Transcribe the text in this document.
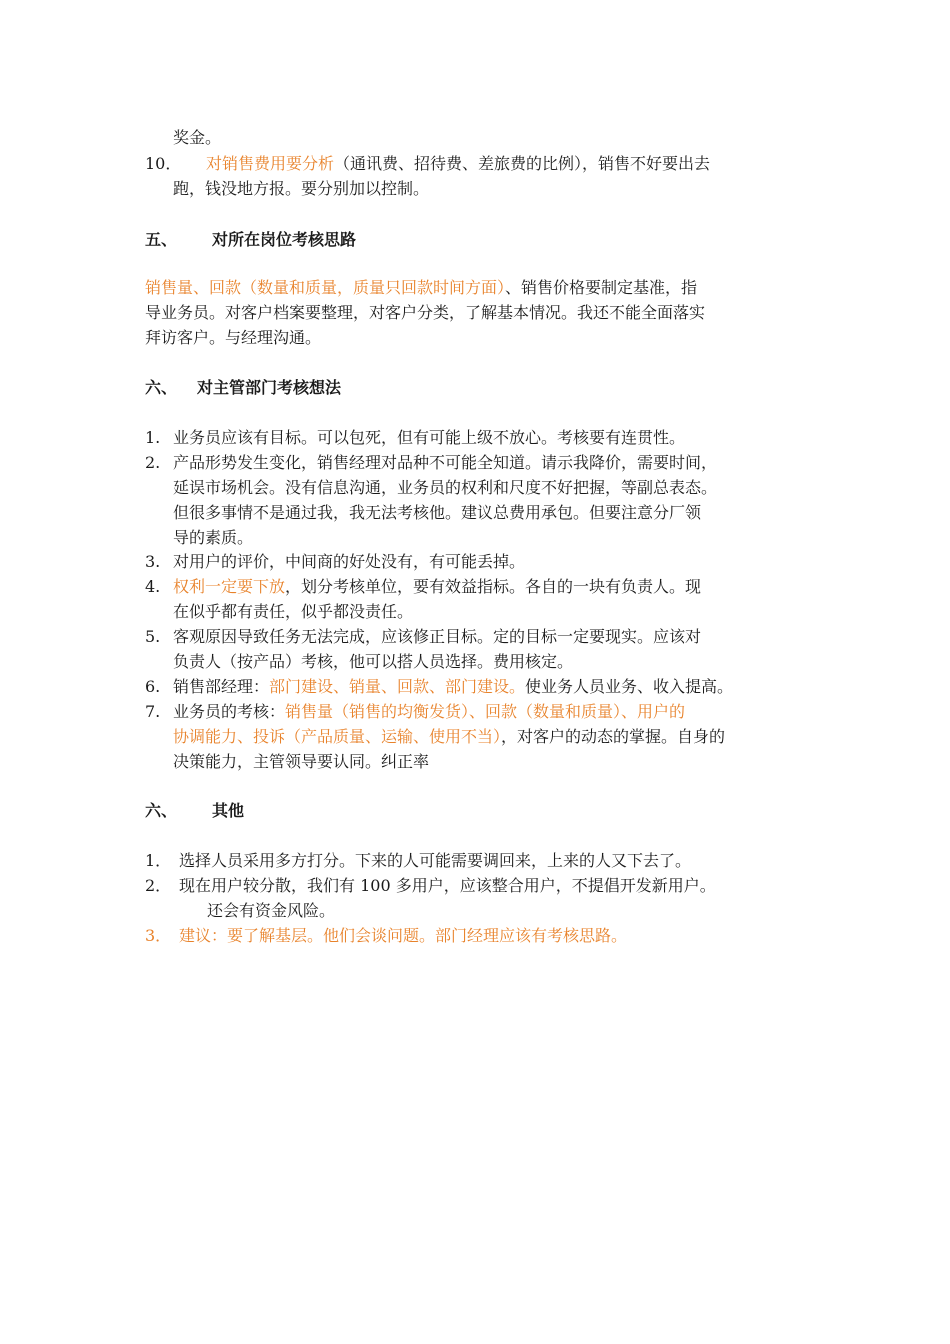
奖金。
10． 对销售费用要分析（通讯费、招待费、差旅费的比例），销售不好要出去
跑，钱没地方报。要分别加以控制。
五、 对所在岗位考核思路
销售量、回款（数量和质量，质量只回款时间方面）、销售价格要制定基准，指
导业务员。对客户档案要整理，对客户分类，了解基本情况。我还不能全面落实
拜访客户。与经理沟通。
六、 对主管部门考核想法
1. 业务员应该有目标。可以包死，但有可能上级不放心。考核要有连贯性。
2. 产品形势发生变化，销售经理对品种不可能全知道。请示我降价，需要时间，
延误市场机会。没有信息沟通，业务员的权利和尺度不好把握，等副总表态。
但很多事情不是通过我，我无法考核他。建议总费用承包。但要注意分厂领
导的素质。
3. 对用户的评价，中间商的好处没有，有可能丢掉。
4. 权利一定要下放，划分考核单位，要有效益指标。各自的一块有负责人。现
在似乎都有责任，似乎都没责任。
5. 客观原因导致任务无法完成，应该修正目标。定的目标一定要现实。应该对
负责人（按产品）考核，他可以搭人员选择。费用核定。
6. 销售部经理：部门建设、销量、回款、部门建设。使业务人员业务、收入提高。
7. 业务员的考核：销售量（销售的均衡发货）、回款（数量和质量）、用户的
协调能力、投诉（产品质量、运输、使用不当），对客户的动态的掌握。自身的
决策能力，主管领导要认同。纠正率
六、 其他
1． 选择人员采用多方打分。下来的人可能需要调回来，上来的人又下去了。
2． 现在用户较分散，我们有 100 多用户，应该整合用户，不提倡开发新用户。
还会有资金风险。
3． 建议：要了解基层。他们会谈问题。部门经理应该有考核思路。
